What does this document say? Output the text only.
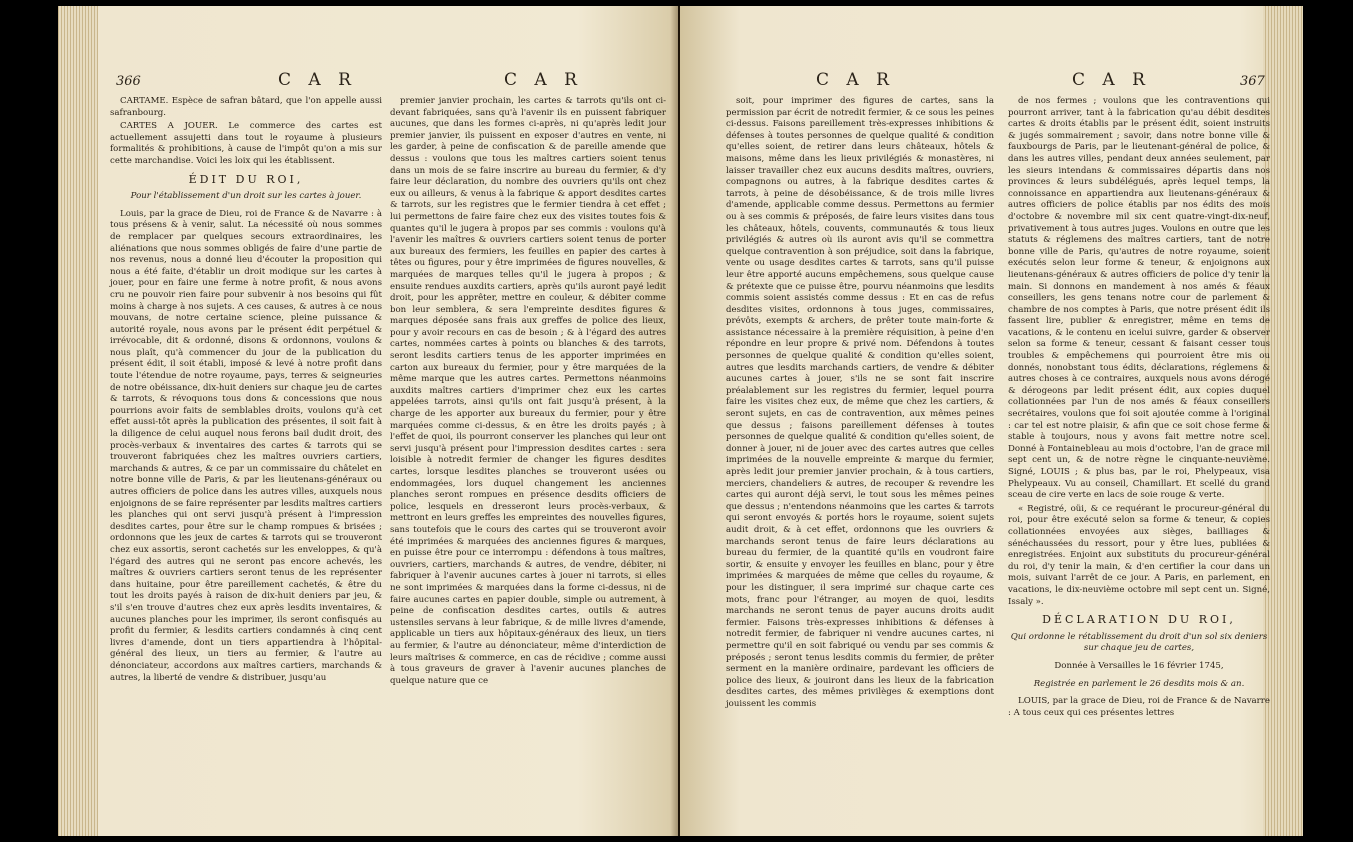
366	C A R	C A R

CARTAME. Espèce de safran bâtard, que l'on appelle aussi safranbourg.

CARTES A JOUER. Le commerce des cartes est actuellement assujetti dans tout le royaume à plusieurs formalités & prohibitions, à cause de l'impôt qu'on a mis sur cette marchandise. Voici les loix qui les établissent.

ÉDIT DU ROI,

Pour l'établissement d'un droit sur les cartes à jouer.

Louis, par la grace de Dieu, roi de France & de Navarre : à tous présens & à venir, salut. La nécessité où nous sommes de remplacer par quelques secours extraordinaires, les aliénations que nous sommes obligés de faire d'une partie de nos revenus, nous a donné lieu d'écouter la proposition qui nous a été faite, d'établir un droit modique sur les cartes à jouer, pour en faire une ferme à notre profit, & nous avons cru ne pouvoir rien faire pour subvenir à nos besoins qui fût moins à charge à nos sujets. A ces causes, & autres à ce nous mouvans, de notre certaine science, pleine puissance & autorité royale, nous avons par le présent édit perpétuel & irrévocable, dit & ordonné, disons & ordonnons, voulons & nous plaît, qu'à commencer du jour de la publication du présent édit, il soit établi, imposé & levé à notre profit dans toute l'étendue de notre royaume, pays, terres & seigneuries de notre obéissance, dix-huit deniers sur chaque jeu de cartes & tarrots, & révoquons tous dons & concessions que nous pourrions avoir faits de semblables droits, voulons qu'à cet effet aussi-tôt après la publication des présentes, il soit fait à la diligence de celui auquel nous ferons bail dudit droit, des procès-verbaux & inventaires des cartes & tarrots qui se trouveront fabriquées chez les maîtres ouvriers cartiers, marchands & autres, & ce par un commissaire du châtelet en notre bonne ville de Paris, & par les lieutenans-généraux ou autres officiers de police dans les autres villes, auxquels nous enjoignons de se faire représenter par lesdits maîtres cartiers les planches qui ont servi jusqu'à présent à l'impression desdites cartes, pour être sur le champ rompues & brisées ; ordonnons que les jeux de cartes & tarrots qui se trouveront chez eux assortis, seront cachetés sur les enveloppes, & qu'à l'égard des autres qui ne seront pas encore achevés, les maîtres & ouvriers cartiers seront tenus de les représenter dans huitaine, pour être pareillement cachetés, & être du tout les droits payés à raison de dix-huit deniers par jeu, & s'il s'en trouve d'autres chez eux après lesdits inventaires, & aucunes planches pour les imprimer, ils seront confisqués au profit du fermier, & lesdits cartiers condamnés à cinq cent livres d'amende, dont un tiers appartiendra à l'hôpital-général des lieux, un tiers au fermier, & l'autre au dénonciateur, accordons aux maîtres cartiers, marchands & autres, la liberté de vendre & distribuer, jusqu'au

premier janvier prochain, les cartes & tarrots qu'ils ont ci-devant fabriquées, sans qu'à l'avenir ils en puissent fabriquer aucunes, que dans les formes ci-après, ni qu'après ledit jour premier janvier, ils puissent en exposer d'autres en vente, ni les garder, à peine de confiscation & de pareille amende que dessus : voulons que tous les maîtres cartiers soient tenus dans un mois de se faire inscrire au bureau du fermier, & d'y faire leur déclaration, du nombre des ouvriers qu'ils ont chez eux ou ailleurs, & venus à la fabrique & apport desdites cartes & tarrots, sur les registres que le fermier tiendra à cet effet ; lui permettons de faire faire chez eux des visites toutes fois & quantes qu'il le jugera à propos par ses commis : voulons qu'à l'avenir les maîtres & ouvriers cartiers soient tenus de porter aux bureaux des fermiers, les feuilles en papier des cartes à têtes ou figures, pour y être imprimées de figures nouvelles, & marquées de marques telles qu'il le jugera à propos ; & ensuite rendues auxdits cartiers, après qu'ils auront payé ledit droit, pour les apprêter, mettre en couleur, & débiter comme bon leur semblera, & sera l'empreinte desdites figures & marques déposée sans frais aux greffes de police des lieux, pour y avoir recours en cas de besoin ; & à l'égard des autres cartes, nommées cartes à points ou blanches & des tarrots, seront lesdits cartiers tenus de les apporter imprimées en carton aux bureaux du fermier, pour y être marquées de la même marque que les autres cartes. Permettons néanmoins auxdits maîtres cartiers d'imprimer chez eux les cartes appelées tarrots, ainsi qu'ils ont fait jusqu'à présent, à la charge de les apporter aux bureaux du fermier, pour y être marquées comme ci-dessus, & en être les droits payés ; à l'effet de quoi, ils pourront conserver les planches qui leur ont servi jusqu'à présent pour l'impression desdites cartes : sera loisible à notredit fermier de changer les figures desdites cartes, lorsque lesdites planches se trouveront usées ou endommagées, lors duquel changement les anciennes planches seront rompues en présence desdits officiers de police, lesquels en dresseront leurs procès-verbaux, & mettront en leurs greffes les empreintes des nouvelles figures, sans toutefois que le cours des cartes qui se trouveront avoir été imprimées & marquées des anciennes figures & marques, en puisse être pour ce interrompu : défendons à tous maîtres, ouvriers, cartiers, marchands & autres, de vendre, débiter, ni fabriquer à l'avenir aucunes cartes à jouer ni tarrots, si elles ne sont imprimées & marquées dans la forme ci-dessus, ni de faire aucunes cartes en papier double, simple ou autrement, à peine de confiscation desdites cartes, outils & autres ustensiles servans à leur fabrique, & de mille livres d'amende, applicable un tiers aux hôpitaux-généraux des lieux, un tiers au fermier, & l'autre au dénonciateur, même d'interdiction de leurs maîtrises & commerce, en cas de récidive ; comme aussi à tous graveurs de graver à l'avenir aucunes planches de quelque nature que ce

C A R	C A R	367

soit, pour imprimer des figures de cartes, sans la permission par écrit de notredit fermier, & ce sous les peines ci-dessus. Faisons pareillement très-expresses inhibitions & défenses à toutes personnes de quelque qualité & condition qu'elles soient, de retirer dans leurs châteaux, hôtels & maisons, même dans les lieux privilégiés & monastères, ni laisser travailler chez eux aucuns desdits maîtres, ouvriers, compagnons ou autres, à la fabrique desdites cartes & tarrots, à peine de désobéissance, & de trois mille livres d'amende, applicable comme dessus. Permettons au fermier ou à ses commis & préposés, de faire leurs visites dans tous les châteaux, hôtels, couvents, communautés & tous lieux privilégiés & autres où ils auront avis qu'il se commettra quelque contravention à son préjudice, soit dans la fabrique, vente ou usage desdites cartes & tarrots, sans qu'il puisse leur être apporté aucuns empêchemens, sous quelque cause & prétexte que ce puisse être, pourvu néanmoins que lesdits commis soient assistés comme dessus : Et en cas de refus desdites visites, ordonnons à tous juges, commissaires, prévôts, exempts & archers, de prêter toute main-forte & assistance nécessaire à la première réquisition, à peine d'en répondre en leur propre & privé nom. Défendons à toutes personnes de quelque qualité & condition qu'elles soient, autres que lesdits marchands cartiers, de vendre & débiter aucunes cartes à jouer, s'ils ne se sont fait inscrire préalablement sur les registres du fermier, lequel pourra faire les visites chez eux, de même que chez les cartiers, & seront sujets, en cas de contravention, aux mêmes peines que dessus ; faisons pareillement défenses à toutes personnes de quelque qualité & condition qu'elles soient, de donner à jouer, ni de jouer avec des cartes autres que celles imprimées de la nouvelle empreinte & marque du fermier, après ledit jour premier janvier prochain, & à tous cartiers, merciers, chandeliers & autres, de recouper & revendre les cartes qui auront déjà servi, le tout sous les mêmes peines que dessus ; n'entendons néanmoins que les cartes & tarrots qui seront envoyés & portés hors le royaume, soient sujets audit droit, & à cet effet, ordonnons que les ouvriers & marchands seront tenus de faire leurs déclarations au bureau du fermier, de la quantité qu'ils en voudront faire sortir, & ensuite y envoyer les feuilles en blanc, pour y être imprimées & marquées de même que celles du royaume, & pour les distinguer, il sera imprimé sur chaque carte ces mots, franc pour l'étranger, au moyen de quoi, lesdits marchands ne seront tenus de payer aucuns droits audit fermier. Faisons très-expresses inhibitions & défenses à notredit fermier, de fabriquer ni vendre aucunes cartes, ni permettre qu'il en soit fabriqué ou vendu par ses commis & préposés ; seront tenus lesdits commis du fermier, de prêter serment en la manière ordinaire, pardevant les officiers de police des lieux, & jouiront dans les lieux de la fabrication desdites cartes, des mêmes privilèges & exemptions dont jouissent les commis

de nos fermes ; voulons que les contraventions qui pourront arriver, tant à la fabrication qu'au débit desdites cartes & droits établis par le présent édit, soient instruits & jugés sommairement ; savoir, dans notre bonne ville & fauxbourgs de Paris, par le lieutenant-général de police, & dans les autres villes, pendant deux années seulement, par les sieurs intendans & commissaires départis dans nos provinces & leurs subdélégués, après lequel temps, la connoissance en appartiendra aux lieutenans-généraux & autres officiers de police établis par nos édits des mois d'octobre & novembre mil six cent quatre-vingt-dix-neuf, privativement à tous autres juges. Voulons en outre que les statuts & réglemens des maîtres cartiers, tant de notre bonne ville de Paris, qu'autres de notre royaume, soient exécutés selon leur forme & teneur, & enjoignons aux lieutenans-généraux & autres officiers de police d'y tenir la main. Si donnons en mandement à nos amés & féaux conseillers, les gens tenans notre cour de parlement & chambre de nos comptes à Paris, que notre présent édit ils fassent lire, publier & enregistrer, même en tems de vacations, & le contenu en icelui suivre, garder & observer selon sa forme & teneur, cessant & faisant cesser tous troubles & empêchemens qui pourroient être mis ou donnés, nonobstant tous édits, déclarations, réglemens & autres choses à ce contraires, auxquels nous avons dérogé & dérogeons par ledit présent édit, aux copies duquel collationnées par l'un de nos amés & féaux conseillers secrétaires, voulons que foi soit ajoutée comme à l'original : car tel est notre plaisir, & afin que ce soit chose ferme & stable à toujours, nous y avons fait mettre notre scel. Donné à Fontainebleau au mois d'octobre, l'an de grace mil sept cent un, & de notre règne le cinquante-neuvième. Signé, LOUIS ; & plus bas, par le roi, Phelypeaux, visa Phelypeaux. Vu au conseil, Chamillart. Et scellé du grand sceau de cire verte en lacs de soie rouge & verte.

« Registré, oüi, & ce requérant le procureur-général du roi, pour être exécuté selon sa forme & teneur, & copies collationnées envoyées aux sièges, bailliages & sénéchaussées du ressort, pour y être lues, publiées & enregistrées. Enjoint aux substituts du procureur-général du roi, d'y tenir la main, & d'en certifier la cour dans un mois, suivant l'arrêt de ce jour. A Paris, en parlement, en vacations, le dix-neuvième octobre mil sept cent un. Signé, Issaly ».

DÉCLARATION DU ROI,

Qui ordonne le rétablissement du droit d'un sol six deniers sur chaque jeu de cartes,

Donnée à Versailles le 16 février 1745,

Registrée en parlement le 26 desdits mois & an.

LOUIS, par la grace de Dieu, roi de France & de Navarre : A tous ceux qui ces présentes lettres
